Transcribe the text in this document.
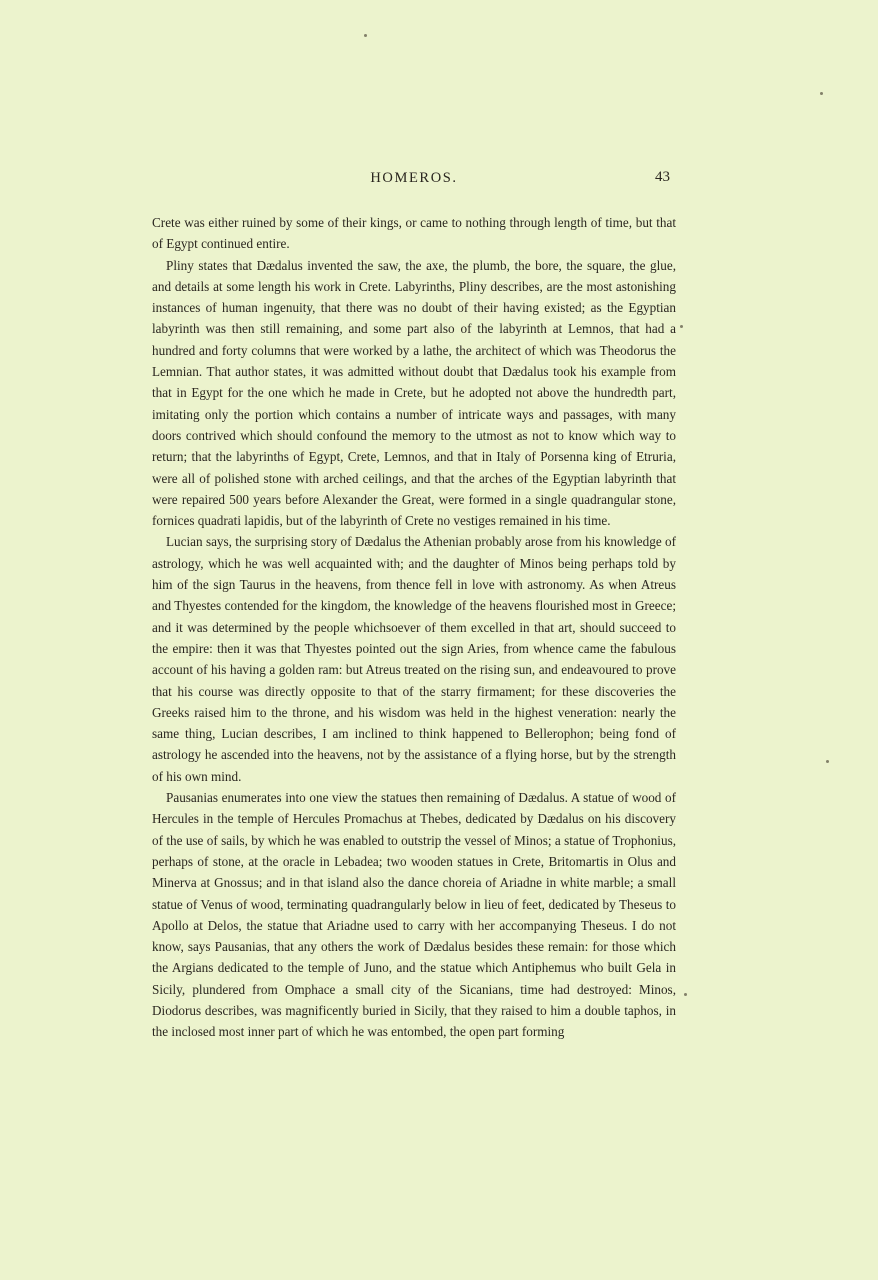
HOMEROS.	43

Crete was either ruined by some of their kings, or came to nothing through length of time, but that of Egypt continued entire.

Pliny states that Dædalus invented the saw, the axe, the plumb, the bore, the square, the glue, and details at some length his work in Crete. Labyrinths, Pliny describes, are the most astonishing instances of human ingenuity, that there was no doubt of their having existed; as the Egyptian labyrinth was then still remaining, and some part also of the labyrinth at Lemnos, that had a hundred and forty columns that were worked by a lathe, the architect of which was Theodorus the Lemnian. That author states, it was admitted without doubt that Dædalus took his example from that in Egypt for the one which he made in Crete, but he adopted not above the hundredth part, imitating only the portion which contains a number of intricate ways and passages, with many doors contrived which should confound the memory to the utmost as not to know which way to return; that the labyrinths of Egypt, Crete, Lemnos, and that in Italy of Porsenna king of Etruria, were all of polished stone with arched ceilings, and that the arches of the Egyptian labyrinth that were repaired 500 years before Alexander the Great, were formed in a single quadrangular stone, fornices quadrati lapidis, but of the labyrinth of Crete no vestiges remained in his time.

Lucian says, the surprising story of Dædalus the Athenian probably arose from his knowledge of astrology, which he was well acquainted with; and the daughter of Minos being perhaps told by him of the sign Taurus in the heavens, from thence fell in love with astronomy. As when Atreus and Thyestes contended for the kingdom, the knowledge of the heavens flourished most in Greece; and it was determined by the people whichsoever of them excelled in that art, should succeed to the empire: then it was that Thyestes pointed out the sign Aries, from whence came the fabulous account of his having a golden ram: but Atreus treated on the rising sun, and endeavoured to prove that his course was directly opposite to that of the starry firmament; for these discoveries the Greeks raised him to the throne, and his wisdom was held in the highest veneration: nearly the same thing, Lucian describes, I am inclined to think happened to Bellerophon; being fond of astrology he ascended into the heavens, not by the assistance of a flying horse, but by the strength of his own mind.

Pausanias enumerates into one view the statues then remaining of Dædalus. A statue of wood of Hercules in the temple of Hercules Promachus at Thebes, dedicated by Dædalus on his discovery of the use of sails, by which he was enabled to outstrip the vessel of Minos; a statue of Trophonius, perhaps of stone, at the oracle in Lebadea; two wooden statues in Crete, Britomartis in Olus and Minerva at Gnossus; and in that island also the dance choreia of Ariadne in white marble; a small statue of Venus of wood, terminating quadrangularly below in lieu of feet, dedicated by Theseus to Apollo at Delos, the statue that Ariadne used to carry with her accompanying Theseus. I do not know, says Pausanias, that any others the work of Dædalus besides these remain: for those which the Argians dedicated to the temple of Juno, and the statue which Antiphemus who built Gela in Sicily, plundered from Omphace a small city of the Sicanians, time had destroyed: Minos, Diodorus describes, was magnificently buried in Sicily, that they raised to him a double taphos, in the inclosed most inner part of which he was entombed, the open part forming
